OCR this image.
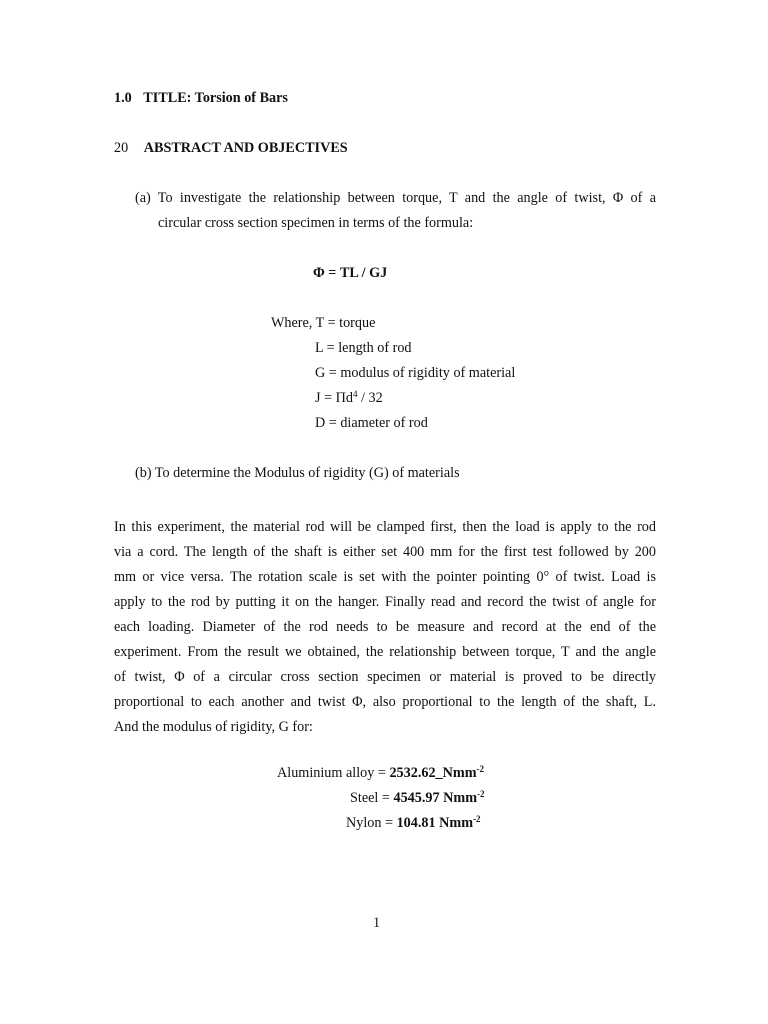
1.0 TITLE: Torsion of Bars
20 ABSTRACT AND OBJECTIVES
(a) To investigate the relationship between torque, T and the angle of twist, Φ of a
circular cross section specimen in terms of the formula:
Φ = TL / GJ
Where, T = torque
L = length of rod
G = modulus of rigidity of material
$J = \Pi d^4 / 32$
D = diameter of rod
(b) To determine the Modulus of rigidity (G) of materials
In this experiment, the material rod will be clamped first, then the load is apply to the rod
via a cord. The length of the shaft is either set 400 mm for the first test followed by 200
mm or vice versa. The rotation scale is set with the pointer pointing 0° of twist. Load is
apply to the rod by putting it on the hanger. Finally read and record the twist of angle for
each loading. Diameter of the rod needs to be measure and record at the end of the
experiment. From the result we obtained, the relationship between torque, T and the angle
of twist, Φ of a circular cross section specimen or material is proved to be directly
proportional to each another and twist Φ, also proportional to the length of the shaft, L.
And the modulus of rigidity, G for:
Aluminium alloy = 2532.62_Nmm$^{-2}$
Steel = 4545.97 Nmm$^{-2}$
Nylon = 104.81 Nmm$^{-2}$
1
